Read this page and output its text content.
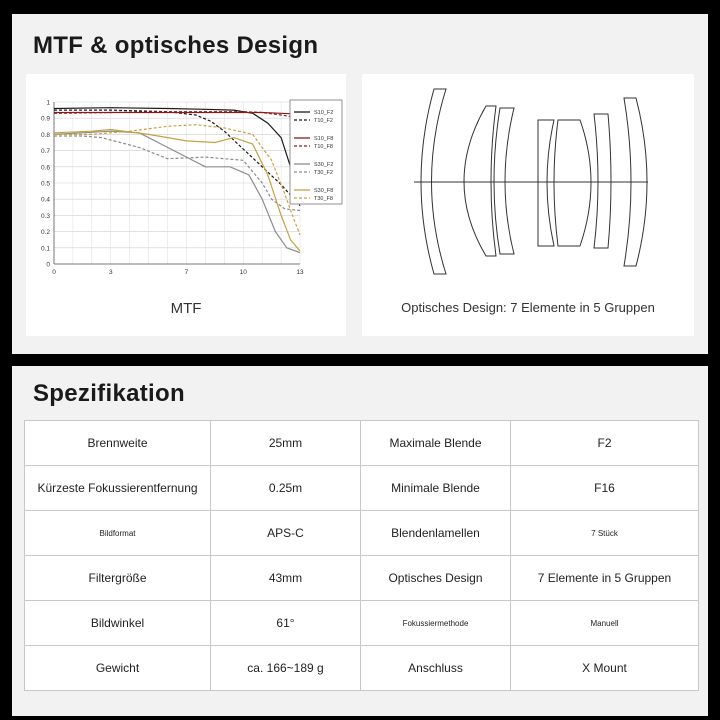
MTF & optisches Design
0
0.1
0.2
0.3
0.4
0.5
0.6
0.7
0.8
0.9
1
0	3	7	10	13
S10_F2
T10_F2
S10_F8
T10_F8
S30_F2
T30_F2
S30_F8
T30_F8
MTF	Optisches Design: 7 Elemente in 5 Gruppen
Spezifikation
Brennweite	25mm	Maximale Blende	F2
Kürzeste Fokussierentfernung	0.25m	Minimale Blende	F16
Bildformat	APS-C	Blendenlamellen	7 Stück
Filtergröße	43mm	Optisches Design	7 Elemente in 5 Gruppen
Bildwinkel	61°	Fokussiermethode	Manuell
Gewicht	ca. 166~189 g	Anschluss	X Mount
